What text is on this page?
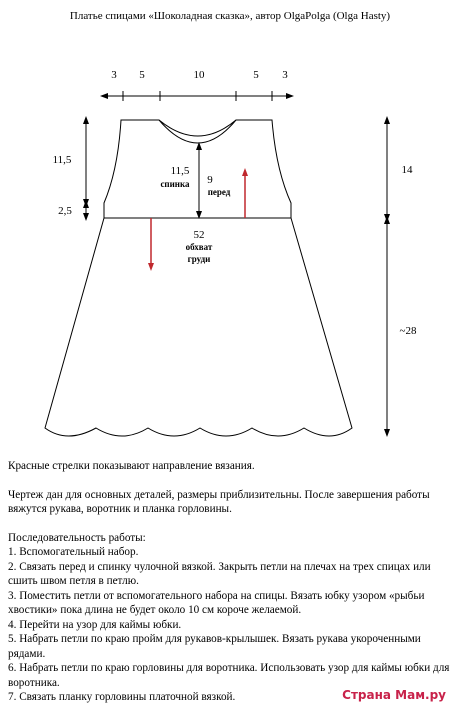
Платье спицами «Шоколадная сказка», автор OlgaPolga (Olga Hasty)
3 5	10	5 3
11,5
2,5
11,5
спинка 9
перед
52
обхват
груди
14
~28

Красные стрелки показывают направление вязания.

Чертеж дан для основных деталей, размеры приблизительны. После завершения работы вяжутся рукава, воротник и планка горловины.

Последовательность работы:

1. Вспомогательный набор.

2. Связать перед и спинку чулочной вязкой. Закрыть петли на плечах на трех спицах или сшить швом петля в петлю.

3. Поместить петли от вспомогательного набора на спицы. Вязать юбку узором «рыбьи хвостики» пока длина не будет около 10 см короче желаемой.

4. Перейти на узор для каймы юбки.

5. Набрать петли по краю пройм для рукавов-крылышек. Вязать рукава укороченными рядами.

6. Набрать петли по краю горловины для воротника. Использовать узор для каймы юбки для воротника.

7. Связать планку горловины платочной вязкой.	Страна Мам.ру
